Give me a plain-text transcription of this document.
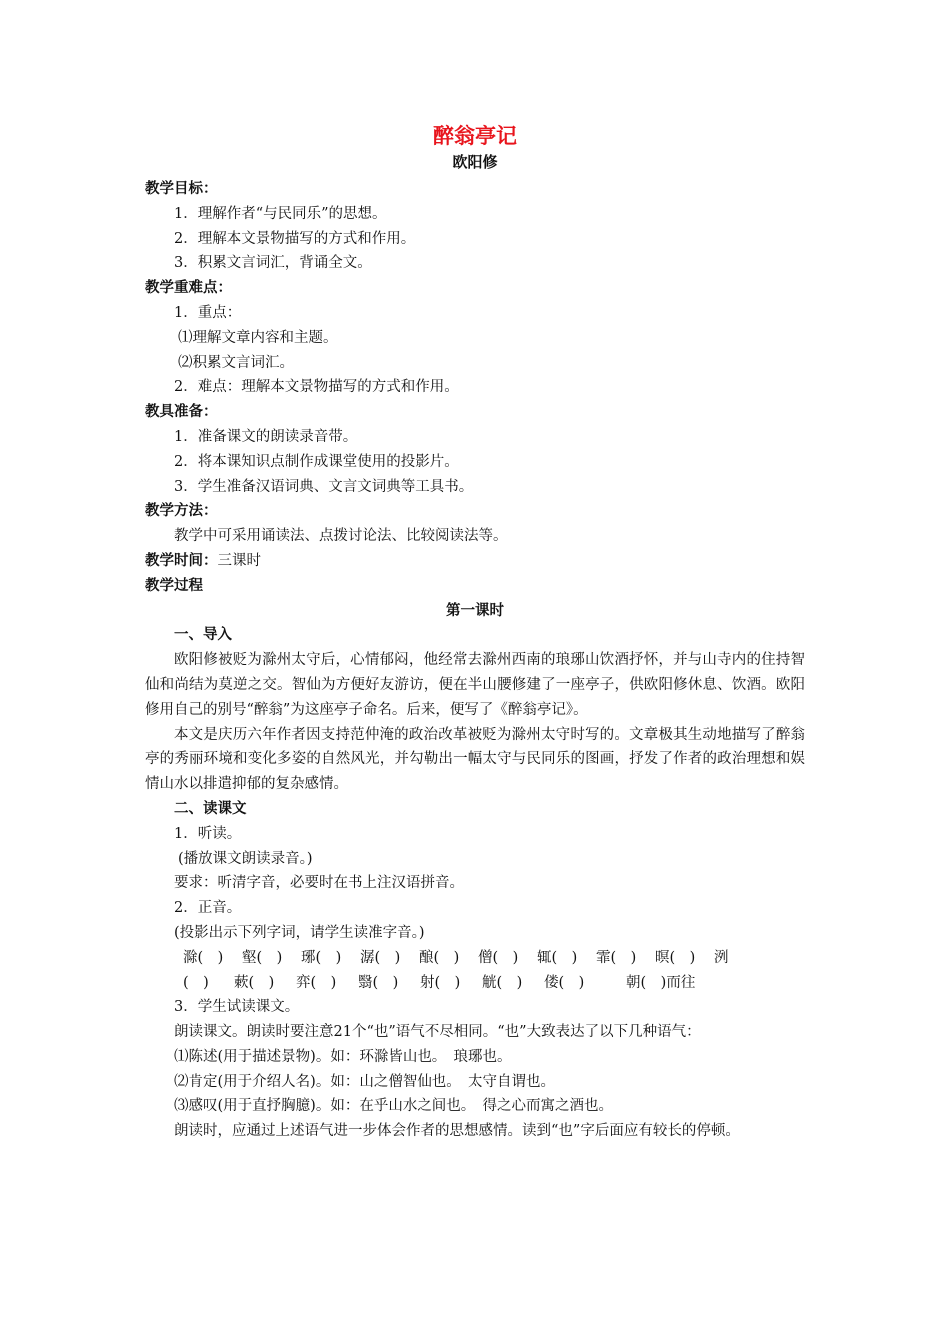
醉翁亭记
欧阳修
教学目标：
1．理解作者“与民同乐”的思想。
2．理解本文景物描写的方式和作用。
3．积累文言词汇，背诵全文。
教学重难点：
1．重点：
⑴理解文章内容和主题。
⑵积累文言词汇。
2．难点：理解本文景物描写的方式和作用。
教具准备：
1．准备课文的朗读录音带。
2．将本课知识点制作成课堂使用的投影片。
3．学生准备汉语词典、文言文词典等工具书。
教学方法：
教学中可采用诵读法、点拨讨论法、比较阅读法等。
教学时间：三课时
教学过程
第一课时
一、导入
欧阳修被贬为滁州太守后，心情郁闷，他经常去滁州西南的琅琊山饮酒抒怀，并与山寺内的住持智仙和尚结为莫逆之交。智仙为方便好友游访，便在半山腰修建了一座亭子，供欧阳修休息、饮酒。欧阳修用自己的别号“醉翁”为这座亭子命名。后来，便写了《醉翁亭记》。
本文是庆历六年作者因支持范仲淹的政治改革被贬为滁州太守时写的。文章极其生动地描写了醉翁亭的秀丽环境和变化多姿的自然风光，并勾勒出一幅太守与民同乐的图画，抒发了作者的政治理想和娱情山水以排遣抑郁的复杂感情。
二、读课文
1．听读。
(播放课文朗读录音。)
要求：听清字音，必要时在书上注汉语拼音。
2．正音。
(投影出示下列字词，请学生读准字音。)
滁(　) 壑(　) 琊(　) 潺(　) 酿(　) 僧(　) 辄(　) 霏(　) 暝(　) 洌
(　) 蔌(　) 弈(　) 翳(　) 射(　) 觥(　) 偻(　)	朝(　)而往
3．学生试读课文。
朗读课文。朗读时要注意21个“也”语气不尽相同。“也”大致表达了以下几种语气：
⑴陈述(用于描述景物)。如：环滁皆山也。　琅琊也。
⑵肯定(用于介绍人名)。如：山之僧智仙也。　太守自谓也。
⑶感叹(用于直抒胸臆)。如：在乎山水之间也。　得之心而寓之酒也。
朗读时，应通过上述语气进一步体会作者的思想感情。读到“也”字后面应有较长的停顿。
